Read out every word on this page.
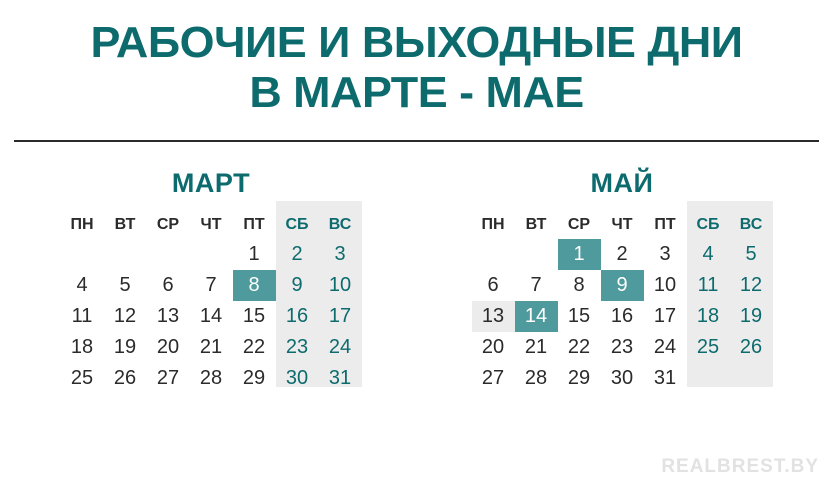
РАБОЧИЕ И ВЫХОДНЫЕ ДНИ
В МАРТЕ - МАЕ
МАРТ
ПН	ВТ	СР	ЧТ	ПТ	СБ	ВС
				1	2	3
4	5	6	7	8	9	10
11	12	13	14	15	16	17
18	19	20	21	22	23	24
25	26	27	28	29	30	31
МАЙ
ПН	ВТ	СР	ЧТ	ПТ	СБ	ВС
		1	2	3	4	5
6	7	8	9	10	11	12
13	14	15	16	17	18	19
20	21	22	23	24	25	26
27	28	29	30	31		
REALBREST.BY
